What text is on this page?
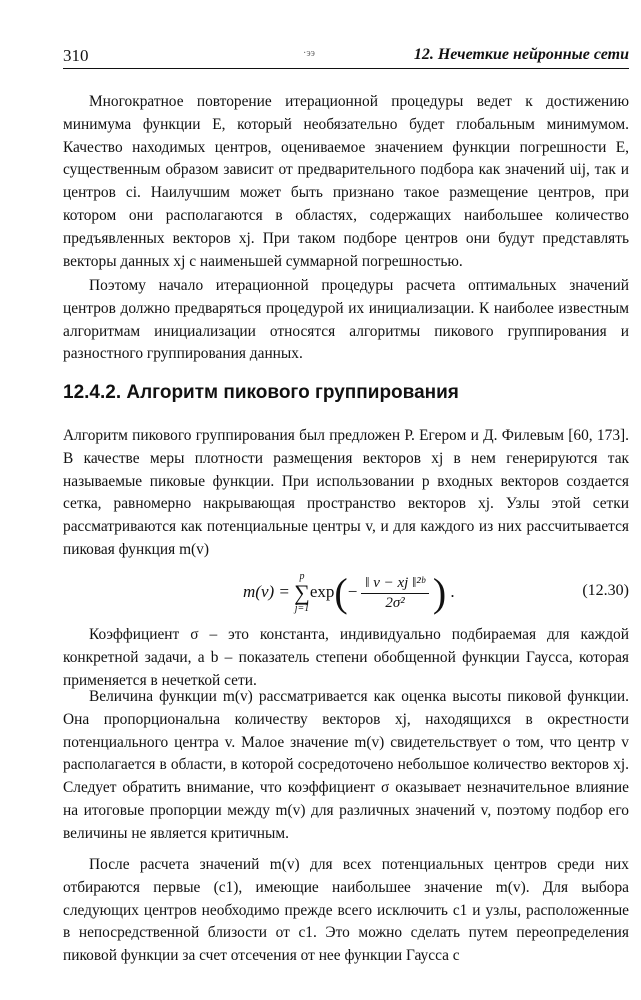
310	·ээ	12. Нечеткие нейронные сети

Многократное повторение итерационной процедуры ведет к достижению минимума функции E, который необязательно будет глобальным минимумом. Качество находимых центров, оцениваемое значением функции погрешности E, существенным образом зависит от предварительного подбора как значений uij, так и центров ci. Наилучшим может быть признано такое размещение центров, при котором они располагаются в областях, содержащих наибольшее количество предъявленных векторов xj. При таком подборе центров они будут представлять векторы данных xj с наименьшей суммарной погрешностью.

Поэтому начало итерационной процедуры расчета оптимальных значений центров должно предваряться процедурой их инициализации. К наиболее известным алгоритмам инициализации относятся алгоритмы пикового группирования и разностного группирования данных.

12.4.2. Алгоритм пикового группирования

Алгоритм пикового группирования был предложен Р. Егером и Д. Филевым [60, 173]. В качестве меры плотности размещения векторов xj в нем генерируются так называемые пиковые функции. При использовании p входных векторов создается сетка, равномерно накрывающая пространство векторов xj. Узлы этой сетки рассматриваются как потенциальные центры v, и для каждого из них рассчитывается пиковая функция m(v)

m(v) =
p
∑
j=1
$\exp(- \frac{\text{‖ v − xj ‖²ᵇ}}{\text{2σ²}}$ ) .	(12.30)

Коэффициент σ – это константа, индивидуально подбираемая для каждой конкретной задачи, а b – показатель степени обобщенной функции Гаусса, которая применяется в нечеткой сети.

Величина функции m(v) рассматривается как оценка высоты пиковой функции. Она пропорциональна количеству векторов xj, находящихся в окрестности потенциального центра v. Малое значение m(v) свидетельствует о том, что центр v располагается в области, в которой сосредоточено небольшое количество векторов xj. Следует обратить внимание, что коэффициент σ оказывает незначительное влияние на итоговые пропорции между m(v) для различных значений v, поэтому подбор его величины не является критичным.

После расчета значений m(v) для всех потенциальных центров среди них отбираются первые (c1), имеющие наибольшее значение m(v). Для выбора следующих центров необходимо прежде всего исключить c1 и узлы, расположенные в непосредственной близости от c1. Это можно сделать путем переопределения пиковой функции за счет отсечения от нее функции Гаусса с
